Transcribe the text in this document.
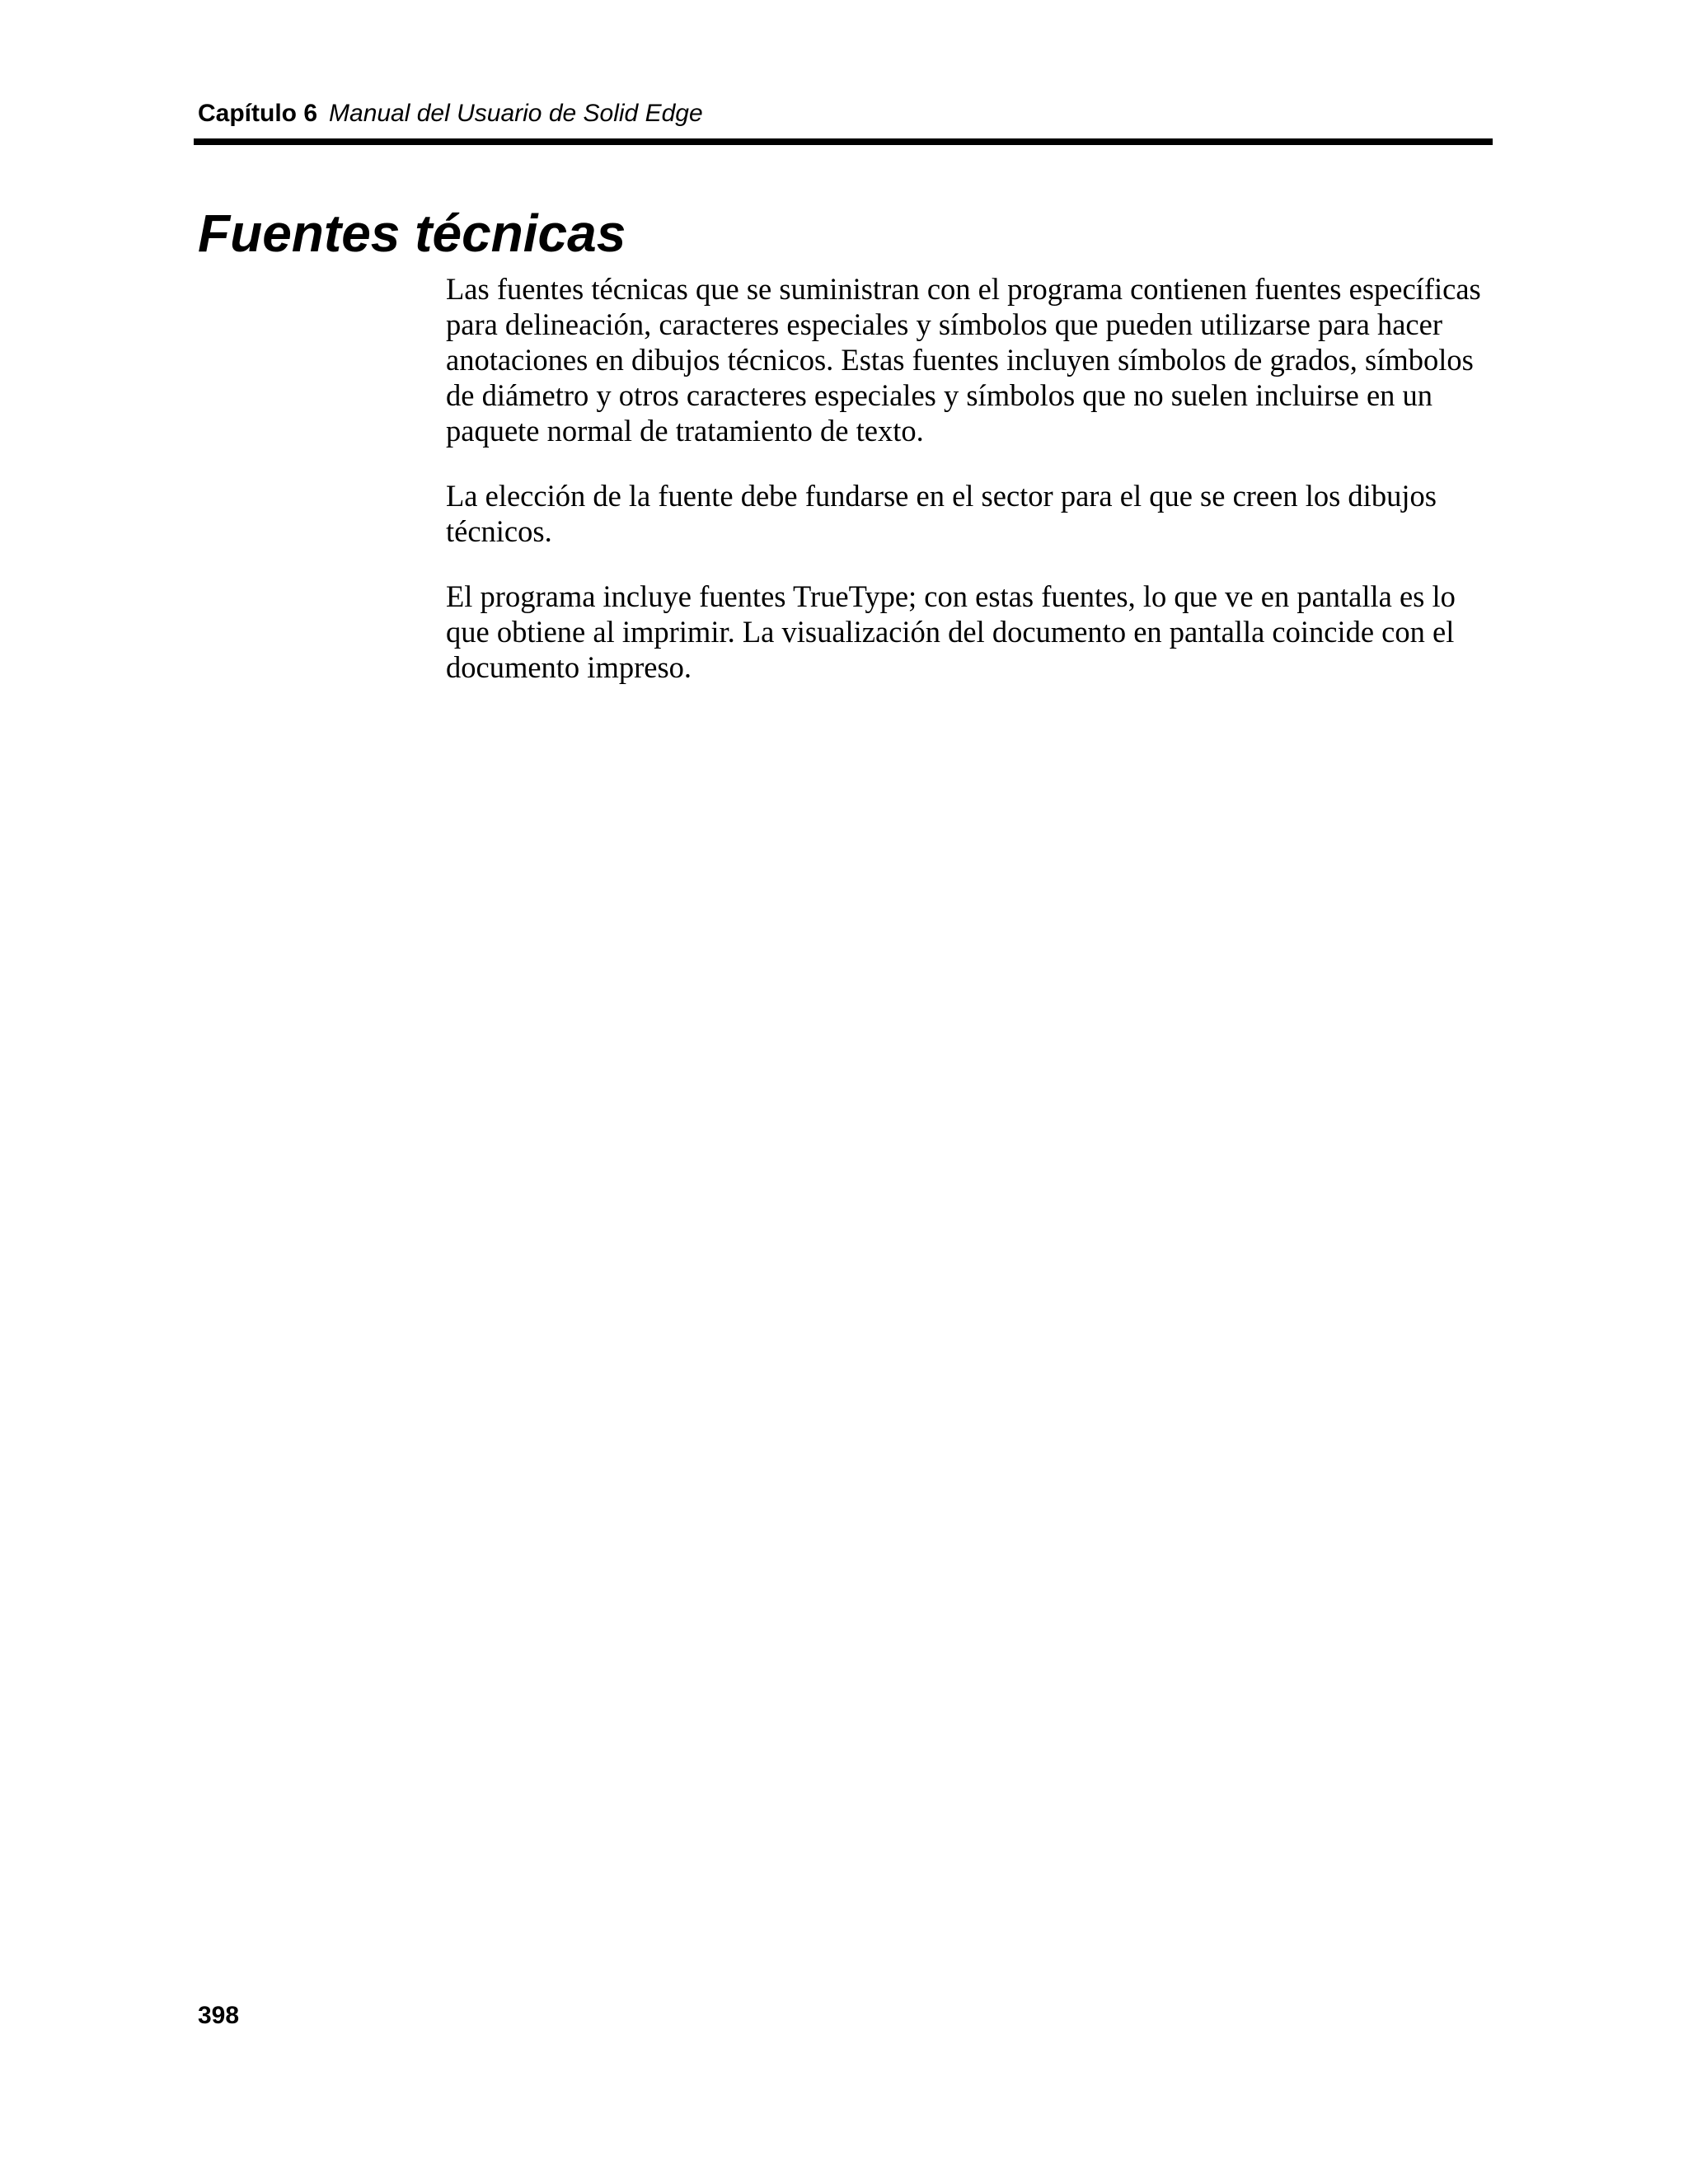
Capítulo 6 Manual del Usuario de Solid Edge
Fuentes técnicas

Las fuentes técnicas que se suministran con el programa contienen fuentes específicas para delineación, caracteres especiales y símbolos que pueden utilizarse para hacer anotaciones en dibujos técnicos. Estas fuentes incluyen símbolos de grados, símbolos de diámetro y otros caracteres especiales y símbolos que no suelen incluirse en un paquete normal de tratamiento de texto.

La elección de la fuente debe fundarse en el sector para el que se creen los dibujos técnicos.

El programa incluye fuentes TrueType; con estas fuentes, lo que ve en pantalla es lo que obtiene al imprimir. La visualización del documento en pantalla coincide con el documento impreso.

398
